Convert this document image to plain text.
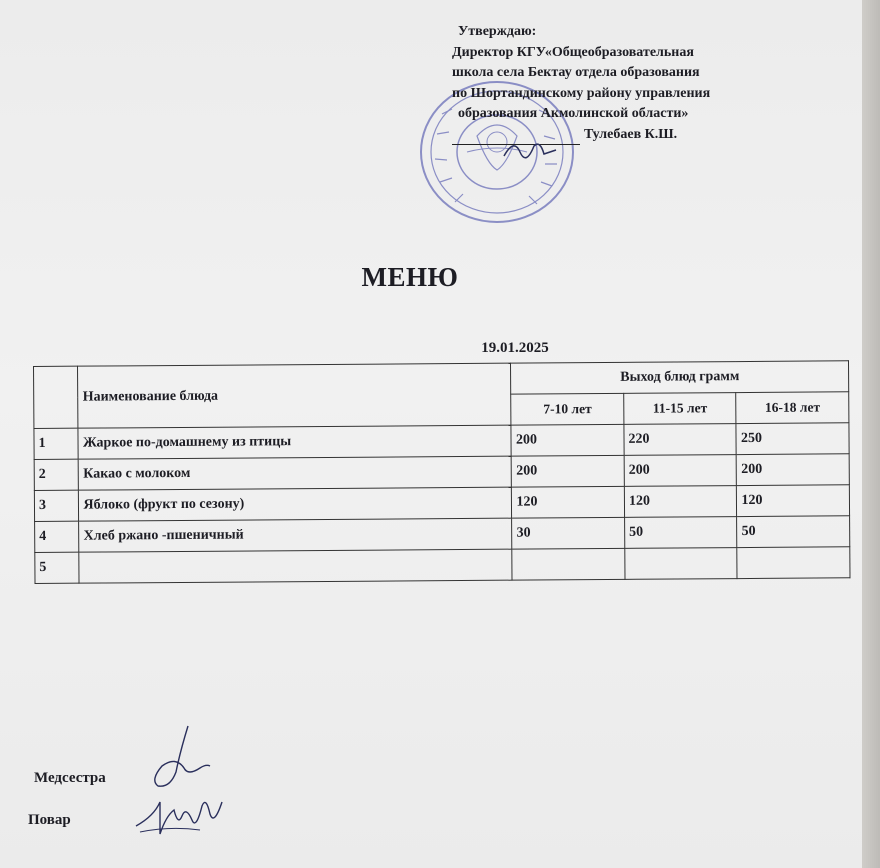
Утверждаю:
Директор КГУ«Общеобразовательная
школа села Бектау отдела образования
по Шортандинскому району управления
образования Акмолинской области»
Тулебаев К.Ш.
МЕНЮ
19.01.2025
	Наименование блюда	Выход блюд грамм		
		7-10 лет	11-15 лет	16-18 лет
1	Жаркое по-домашнему из птицы	200	220	250
2	Какао с молоком	200	200	200
3	Яблоко (фрукт по сезону)	120	120	120
4	Хлеб ржано -пшеничный	30	50	50
5				
Медсестра
Повар
